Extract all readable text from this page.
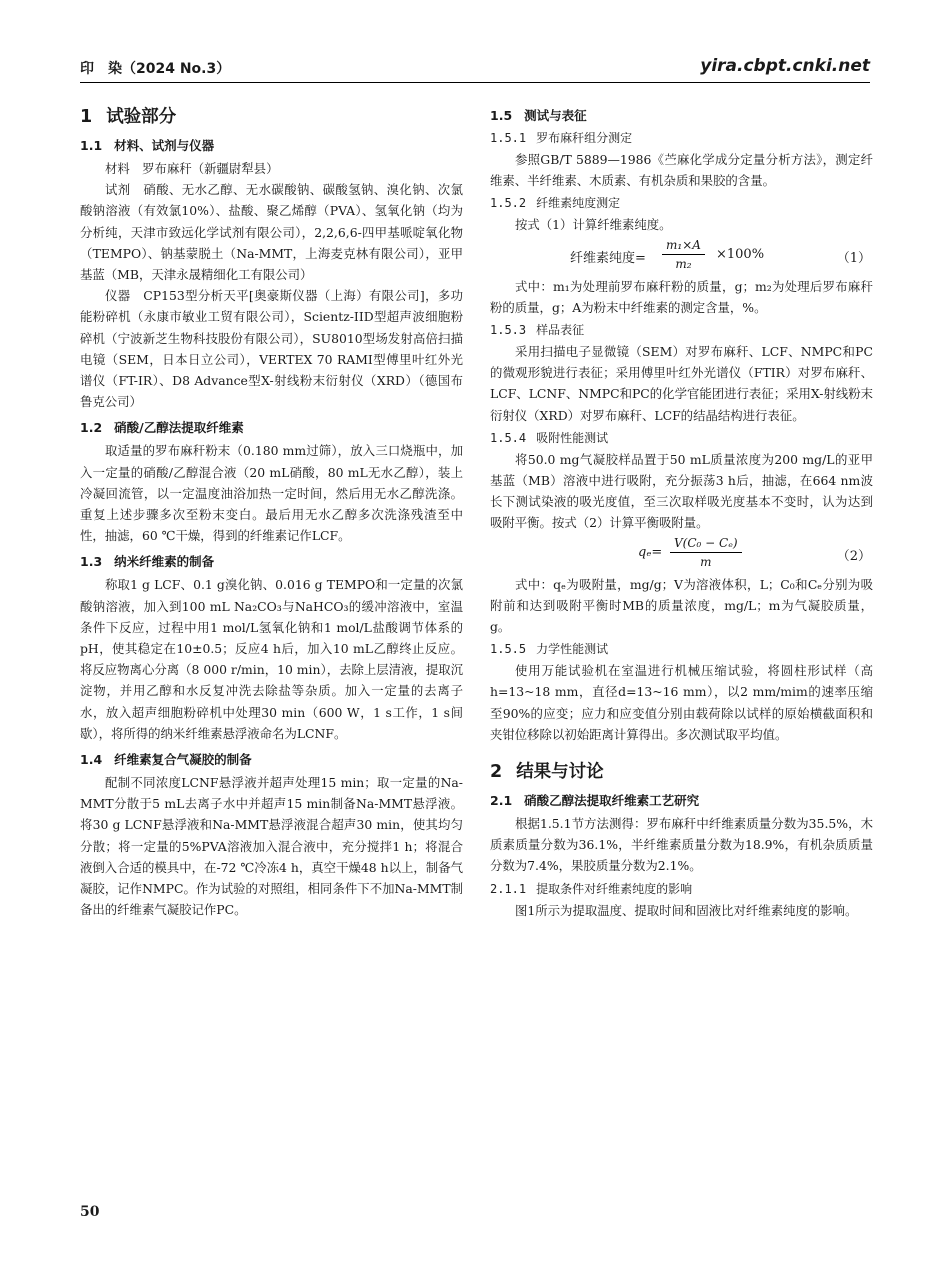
印　染（2024 No.3）	yira.cbpt.cnki.net
1 试验部分
1.1 材料、试剂与仪器

材料　罗布麻秆（新疆尉犁县）

试剂　硝酸、无水乙醇、无水碳酸钠、碳酸氢钠、溴化钠、次氯酸钠溶液（有效氯10%）、盐酸、聚乙烯醇（PVA）、氢氧化钠（均为分析纯，天津市致远化学试剂有限公司），2,2,6,6-四甲基哌啶氧化物（TEMPO）、钠基蒙脱土（Na-MMT，上海麦克林有限公司），亚甲基蓝（MB，天津永晟精细化工有限公司）

仪器　CP153型分析天平[奥豪斯仪器（上海）有限公司]，多功能粉碎机（永康市敏业工贸有限公司），Scientz-IID型超声波细胞粉碎机（宁波新芝生物科技股份有限公司），SU8010型场发射高倍扫描电镜（SEM，日本日立公司），VERTEX 70 RAMI型傅里叶红外光谱仪（FT-IR）、D8 Advance型X-射线粉末衍射仪（XRD）（德国布鲁克公司）

1.2 硝酸/乙醇法提取纤维素

取适量的罗布麻秆粉末（0.180 mm过筛），放入三口烧瓶中，加入一定量的硝酸/乙醇混合液（20 mL硝酸，80 mL无水乙醇），装上冷凝回流管，以一定温度油浴加热一定时间，然后用无水乙醇洗涤。重复上述步骤多次至粉末变白。最后用无水乙醇多次洗涤残渣至中性，抽滤，60 ℃干燥，得到的纤维素记作LCF。

1.3 纳米纤维素的制备

称取1 g LCF、0.1 g溴化钠、0.016 g TEMPO和一定量的次氯酸钠溶液，加入到100 mL Na₂CO₃与NaHCO₃的缓冲溶液中，室温条件下反应，过程中用1 mol/L氢氧化钠和1 mol/L盐酸调节体系的pH，使其稳定在10±0.5；反应4 h后，加入10 mL乙醇终止反应。将反应物离心分离（8 000 r/min，10 min），去除上层清液，提取沉淀物，并用乙醇和水反复冲洗去除盐等杂质。加入一定量的去离子水，放入超声细胞粉碎机中处理30 min（600 W，1 s工作，1 s间歇），将所得的纳米纤维素悬浮液命名为LCNF。

1.4 纤维素复合气凝胶的制备

配制不同浓度LCNF悬浮液并超声处理15 min；取一定量的Na-MMT分散于5 mL去离子水中并超声15 min制备Na-MMT悬浮液。将30 g LCNF悬浮液和Na-MMT悬浮液混合超声30 min，使其均匀分散；将一定量的5%PVA溶液加入混合液中，充分搅拌1 h；将混合液倒入合适的模具中，在-72 ℃冷冻4 h，真空干燥48 h以上，制备气凝胶，记作NMPC。作为试验的对照组，相同条件下不加Na-MMT制备出的纤维素气凝胶记作PC。

1.5 测试与表征
1.5.1 罗布麻秆组分测定

参照GB/T 5889—1986《苎麻化学成分定量分析方法》，测定纤维素、半纤维素、木质素、有机杂质和果胶的含量。

1.5.2 纤维素纯度测定

按式（1）计算纤维素纯度。

纤维素纯度= $\frac{\text{m₁×A}}{\text{m₂}} \times 100\%$	（1）

式中：m₁为处理前罗布麻秆粉的质量，g；m₂为处理后罗布麻秆粉的质量，g；A为粉末中纤维素的测定含量，%。

1.5.3 样品表征

采用扫描电子显微镜（SEM）对罗布麻秆、LCF、NMPC和PC的微观形貌进行表征；采用傅里叶红外光谱仪（FTIR）对罗布麻秆、LCF、LCNF、NMPC和PC的化学官能团进行表征；采用X-射线粉末衍射仪（XRD）对罗布麻秆、LCF的结晶结构进行表征。

1.5.4 吸附性能测试

将50.0 mg气凝胶样品置于50 mL质量浓度为200 mg/L的亚甲基蓝（MB）溶液中进行吸附，充分振荡3 h后，抽滤，在664 nm波长下测试染液的吸光度值，至三次取样吸光度基本不变时，认为达到吸附平衡。按式（2）计算平衡吸附量。

$q_e= \frac{\text{V(C₀ − Cₑ)}}{m}$	（2）

式中：qₑ为吸附量，mg/g；V为溶液体积，L；C₀和Cₑ分别为吸附前和达到吸附平衡时MB的质量浓度，mg/L；m为气凝胶质量，g。

1.5.5 力学性能测试

使用万能试验机在室温进行机械压缩试验，将圆柱形试样（高h=13~18 mm，直径d=13~16 mm），以2 mm/mim的速率压缩至90%的应变；应力和应变值分别由载荷除以试样的原始横截面积和夹钳位移除以初始距离计算得出。多次测试取平均值。

2 结果与讨论
2.1 硝酸乙醇法提取纤维素工艺研究

根据1.5.1节方法测得：罗布麻秆中纤维素质量分数为35.5%，木质素质量分数为36.1%，半纤维素质量分数为18.9%，有机杂质质量分数为7.4%，果胶质量分数为2.1%。

2.1.1 提取条件对纤维素纯度的影响

图1所示为提取温度、提取时间和固液比对纤维素纯度的影响。

50
